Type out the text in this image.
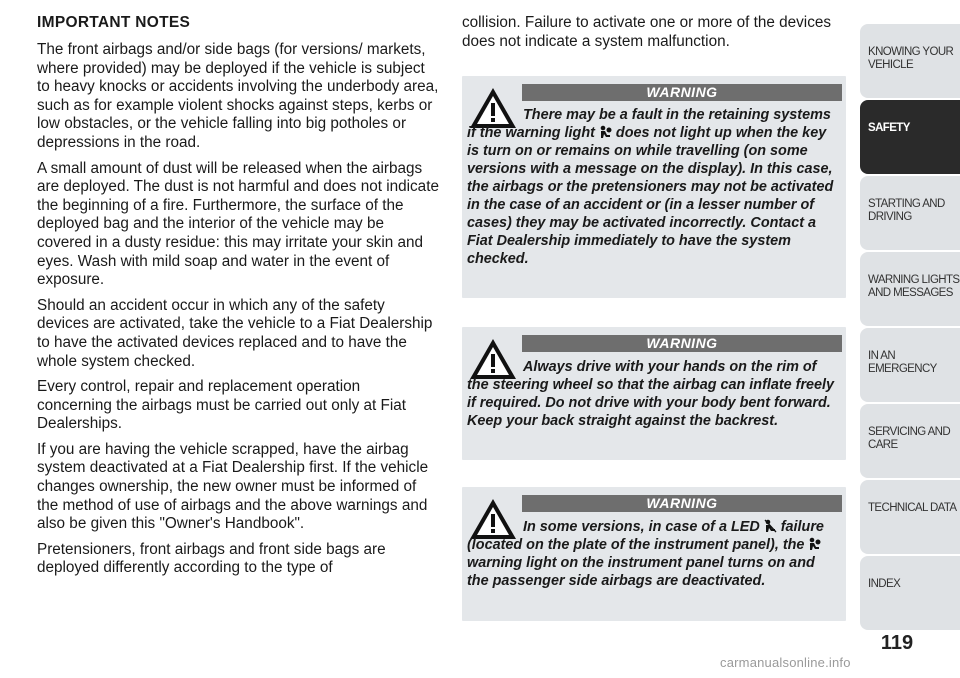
IMPORTANT NOTES

The front airbags and/or side bags (for versions/ markets, where provided) may be deployed if the vehicle is subject to heavy knocks or accidents involving the underbody area, such as for example violent shocks against steps, kerbs or low obstacles, or the vehicle falling into big potholes or depressions in the road.

A small amount of dust will be released when the airbags are deployed. The dust is not harmful and does not indicate the beginning of a fire. Furthermore, the surface of the deployed bag and the interior of the vehicle may be covered in a dusty residue: this may irritate your skin and eyes. Wash with mild soap and water in the event of exposure.

Should an accident occur in which any of the safety devices are activated, take the vehicle to a Fiat Dealership to have the activated devices replaced and to have the whole system checked.

Every control, repair and replacement operation concerning the airbags must be carried out only at Fiat Dealerships.

If you are having the vehicle scrapped, have the airbag system deactivated at a Fiat Dealership first. If the vehicle changes ownership, the new owner must be informed of the method of use of airbags and the above warnings and also be given this "Owner's Handbook".

Pretensioners, front airbags and front side bags are deployed differently according to the type of

collision. Failure to activate one or more of the devices does not indicate a system malfunction.

WARNING
There may be a fault in the retaining systems if the warning light does not light up when the key is turn on or remains on while travelling (on some versions with a message on the display). In this case, the airbags or the pretensioners may not be activated in the case of an accident or (in a lesser number of cases) they may be activated incorrectly. Contact a Fiat Dealership immediately to have the system checked.
WARNING
Always drive with your hands on the rim of the steering wheel so that the airbag can inflate freely if required. Do not drive with your body bent forward. Keep your back straight against the backrest.
WARNING
In some versions, in case of a LED failure (located on the plate of the instrument panel), the  warning light on the instrument panel turns on and the passenger side airbags are deactivated.
KNOWING YOUR
VEHICLE
SAFETY
STARTING AND
DRIVING
WARNING LIGHTS
AND MESSAGES
IN AN EMERGENCY
SERVICING AND
CARE
TECHNICAL DATA
INDEX
119
carmanualsonline.info
